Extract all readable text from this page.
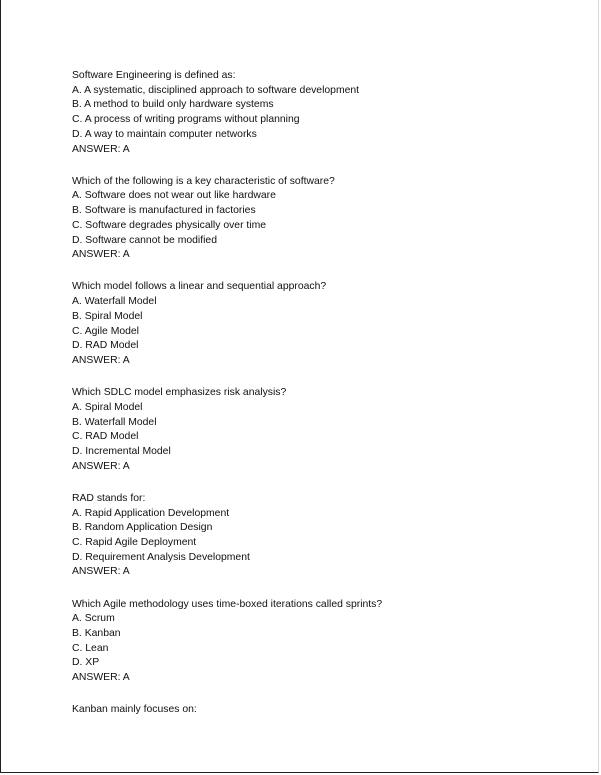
Software Engineering is defined as:
A. A systematic, disciplined approach to software development
B. A method to build only hardware systems
C. A process of writing programs without planning
D. A way to maintain computer networks
ANSWER: A
Which of the following is a key characteristic of software?
A. Software does not wear out like hardware
B. Software is manufactured in factories
C. Software degrades physically over time
D. Software cannot be modified
ANSWER: A
Which model follows a linear and sequential approach?
A. Waterfall Model
B. Spiral Model
C. Agile Model
D. RAD Model
ANSWER: A
Which SDLC model emphasizes risk analysis?
A. Spiral Model
B. Waterfall Model
C. RAD Model
D. Incremental Model
ANSWER: A
RAD stands for:
A. Rapid Application Development
B. Random Application Design
C. Rapid Agile Deployment
D. Requirement Analysis Development
ANSWER: A
Which Agile methodology uses time-boxed iterations called sprints?
A. Scrum
B. Kanban
C. Lean
D. XP
ANSWER: A
Kanban mainly focuses on:
